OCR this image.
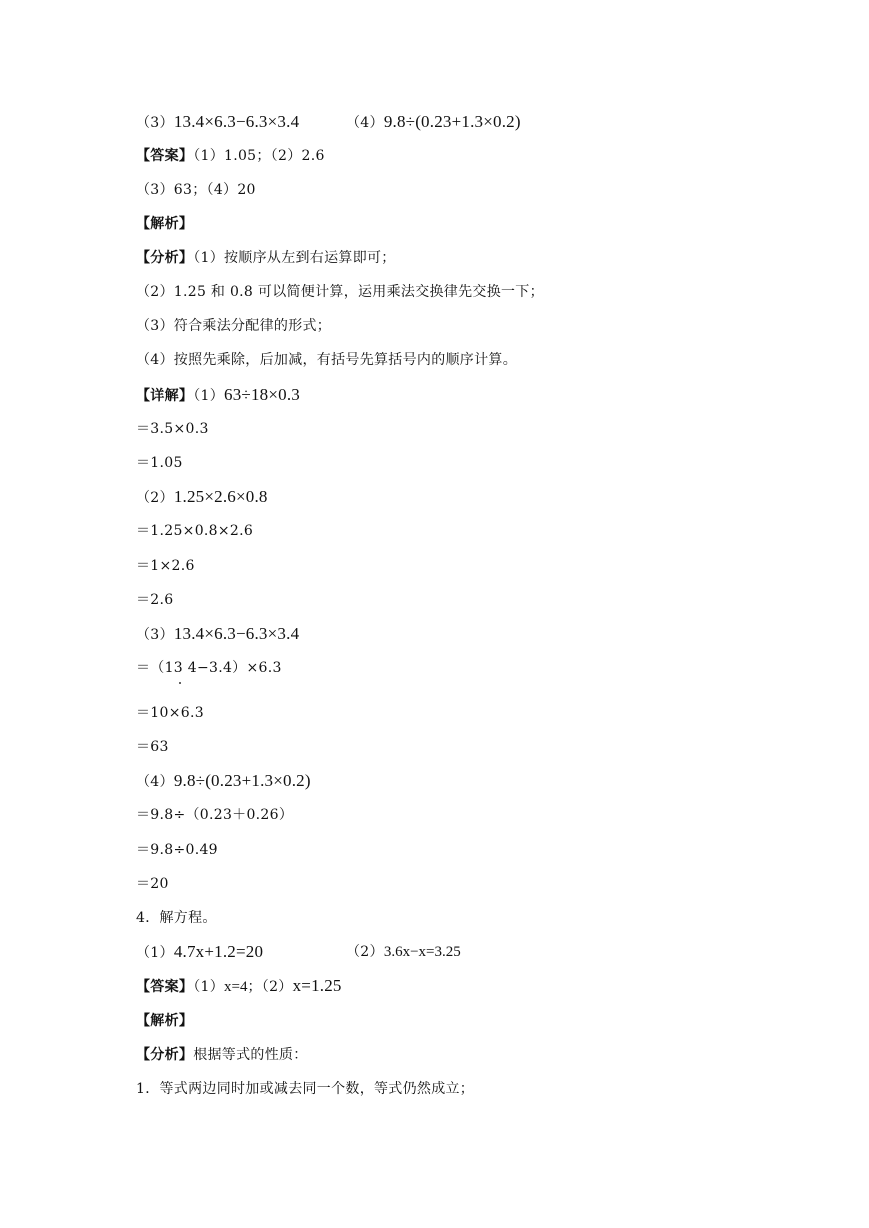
（3）13.4×6.3−6.3×3.4	（4）9.8÷(0.23+1.3×0.2)
【答案】（1）1.05；（2）2.6
（3）63；（4）20
【解析】
【分析】（1）按顺序从左到右运算即可；
（2）1.25 和 0.8 可以简便计算，运用乘法交换律先交换一下；
（3）符合乘法分配律的形式；
（4）按照先乘除，后加减，有括号先算括号内的顺序计算。
【详解】（1）63÷18×0.3
＝3.5×0.3
＝1.05
（2）1.25×2.6×0.8
＝1.25×0.8×2.6
＝1×2.6
＝2.6
（3）13.4×6.3−6.3×3.4
＝（13 4−3.4）×6.3
＝10×6.3
＝63
（4）9.8÷(0.23+1.3×0.2)
＝9.8÷（0.23＋0.26）
＝9.8÷0.49
＝20
4．解方程。
（1）4.7x+1.2=20	（2）3.6x−x=3.25
【答案】（1）x=4；（2）x=1.25
【解析】
【分析】根据等式的性质：
1．等式两边同时加或减去同一个数，等式仍然成立；
